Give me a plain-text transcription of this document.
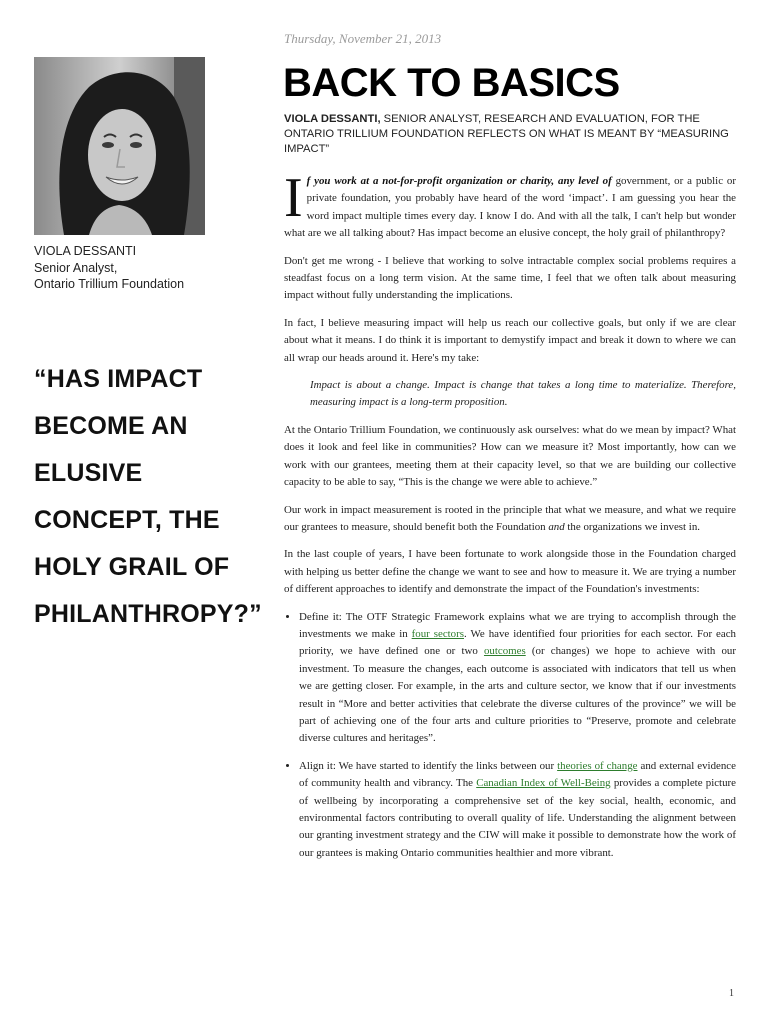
VIOLA DESSANTI
Senior Analyst,
Ontario Trillium Foundation
“HAS IMPACT BECOME AN ELUSIVE CONCEPT, THE HOLY GRAIL OF PHILANTHROPY?”
Thursday, November 21, 2013
BACK TO BASICS
VIOLA DESSANTI, SENIOR ANALYST, RESEARCH AND EVALUATION, FOR THE ONTARIO TRILLIUM FOUNDATION REFLECTS ON WHAT IS MEANT BY “MEASURING IMPACT”

If you work at a not-for-profit organization or charity, any level of government, or a public or private foundation, you probably have heard of the word ‘impact’. I am guessing you hear the word impact multiple times every day. I know I do. And with all the talk, I can't help but wonder what are we all talking about? Has impact become an elusive concept, the holy grail of philanthropy?

Don't get me wrong - I believe that working to solve intractable complex social problems requires a steadfast focus on a long term vision. At the same time, I feel that we often talk about measuring impact without fully understanding the implications.

In fact, I believe measuring impact will help us reach our collective goals, but only if we are clear about what it means. I do think it is important to demystify impact and break it down to where we can all wrap our heads around it. Here's my take:

Impact is about a change. Impact is change that takes a long time to materialize. Therefore, measuring impact is a long-term proposition.

At the Ontario Trillium Foundation, we continuously ask ourselves: what do we mean by impact? What does it look and feel like in communities? How can we measure it? Most importantly, how can we work with our grantees, meeting them at their capacity level, so that we are building our collective capacity to be able to say, “This is the change we were able to achieve.”

Our work in impact measurement is rooted in the principle that what we measure, and what we require our grantees to measure, should benefit both the Foundation and the organizations we invest in.

In the last couple of years, I have been fortunate to work alongside those in the Foundation charged with helping us better define the change we want to see and how to measure it. We are trying a number of different approaches to identify and demonstrate the impact of the Foundation's investments:

• Define it: The OTF Strategic Framework explains what we are trying to accomplish through the investments we make in four sectors. We have identified four priorities for each sector. For each priority, we have defined one or two outcomes (or changes) we hope to achieve with our investment. To measure the changes, each outcome is associated with indicators that tell us when we are getting closer. For example, in the arts and culture sector, we know that if our investments result in “More and better activities that celebrate the diverse cultures of the province” we will be part of achieving one of the four arts and culture priorities to “Preserve, promote and celebrate diverse cultures and heritages”.
• Align it: We have started to identify the links between our theories of change and external evidence of community health and vibrancy. The Canadian Index of Well-Being provides a complete picture of wellbeing by incorporating a comprehensive set of the key social, health, economic, and environmental factors contributing to overall quality of life. Understanding the alignment between our granting investment strategy and the CIW will make it possible to demonstrate how the work of our grantees is making Ontario communities healthier and more vibrant.
1
